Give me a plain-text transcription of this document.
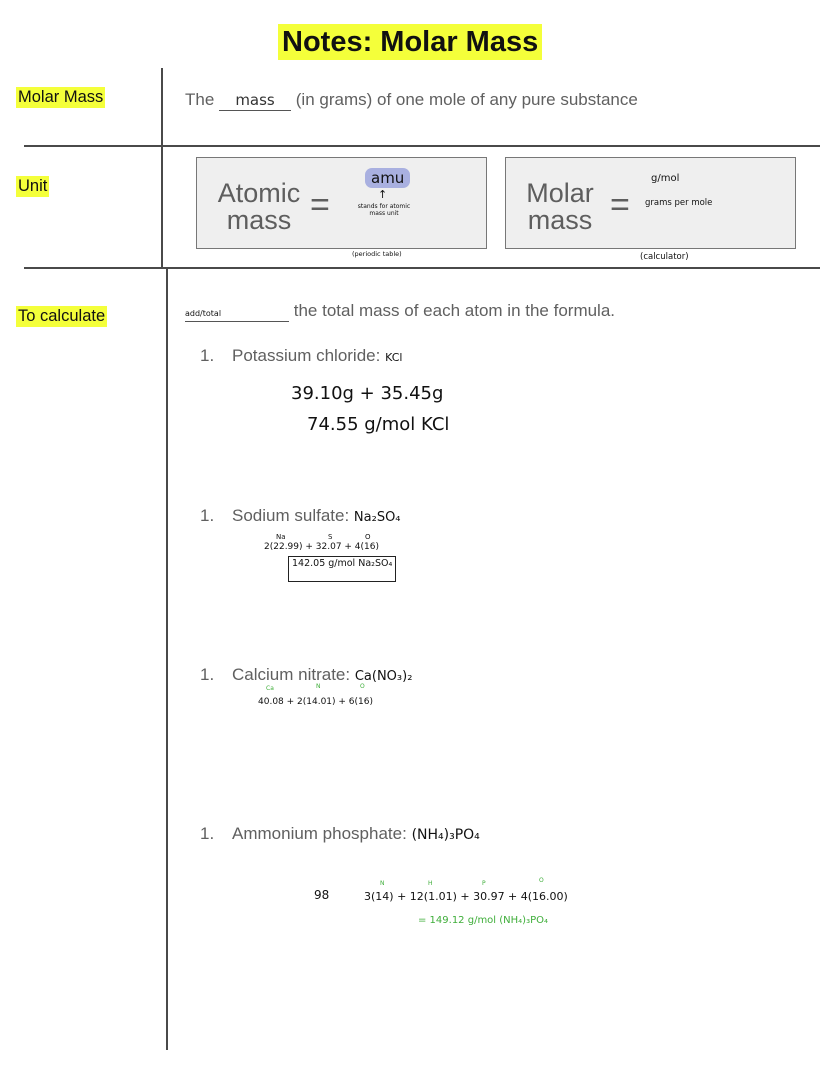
Notes: Molar Mass
Molar Mass	The mass (in grams) of one mole of any pure substance
Unit	Atomic
mass =
amu
↑
stands for atomic mass unit
(periodic table)
Molar
mass =
g/mol
grams per mole
(calculator)
To calculate	add/total	the total mass of each atom in the formula.
1. Potassium chloride: KCl
39.10g + 35.45g
74.55 g/mol KCl
1. Sodium sulfate: Na₂SO₄
Na	S	O
2(22.99) + 32.07 + 4(16)
142.05 g/mol Na₂SO₄
1. Calcium nitrate: Ca(NO₃)₂
Ca	N	O
40.08 + 2(14.01) + 6(16)
1. Ammonium phosphate: (NH₄)₃PO₄
98
N	H	P	O
3(14) + 12(1.01) + 30.97 + 4(16.00)
= 149.12 g/mol (NH₄)₃PO₄
